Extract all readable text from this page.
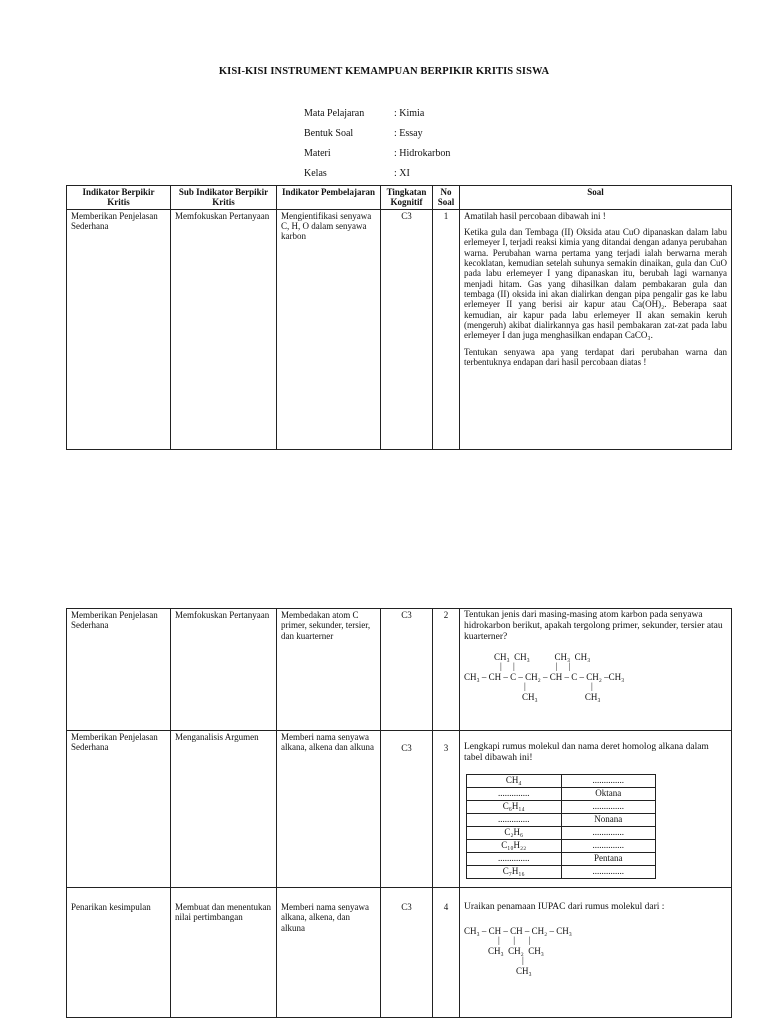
KISI-KISI INSTRUMENT KEMAMPUAN BERPIKIR KRITIS SISWA
Mata Pelajaran	: Kimia
Bentuk Soal	: Essay
Materi	: Hidrokarbon
Kelas	: XI
Indikator Berpikir Kritis	Sub Indikator Berpikir Kritis	Indikator Pembelajaran	Tingkatan Kognitif	No Soal	Soal
Memberikan Penjelasan Sederhana	Memfokuskan Pertanyaan	Mengientifikasi senyawa C, H, O dalam senyawa karbon	C3	1	Amatilah hasil percobaan dibawah ini !

Ketika gula dan Tembaga (II) Oksida atau CuO dipanaskan dalam labu erlemeyer I, terjadi reaksi kimia yang ditandai dengan adanya perubahan warna. Perubahan warna pertama yang terjadi ialah berwarna merah kecoklatan, kemudian setelah suhunya semakin dinaikan, gula dan CuO pada labu erlemeyer I yang dipanaskan itu, berubah lagi warnanya menjadi hitam. Gas yang dihasilkan dalam pembakaran gula dan tembaga (II) oksida ini akan dialirkan dengan pipa pengalir gas ke labu erlemeyer II yang berisi air kapur atau Ca(OH)₂. Beberapa saat kemudian, air kapur pada labu erlemeyer II akan semakin keruh (mengeruh) akibat dialirkannya gas hasil pembakaran zat-zat pada labu erlemeyer I dan juga menghasilkan endapan CaCO₃.

Tentukan senyawa apa yang terdapat dari perubahan warna dan terbentuknya endapan dari hasil percobaan diatas !

Memberikan Penjelasan Sederhana	Memfokuskan Pertanyaan	Membedakan atom C primer, sekunder, tersier, dan kuarterner	C3	2	Tentukan jenis dari masing-masing atom karbon pada senyawa hidrokarbon berikut, apakah tergolong primer, sekunder, tersier atau kuarterner?

CH₃  CH₃           CH₃  CH₃
|     |                  |     |
CH₃ – CH – C – CH₂ – CH – C – CH₂ –CH₃
|                             |
CH₃                     CH₃

Memberikan Penjelasan Sederhana	Menganalisis Argumen	Memberi nama senyawa alkana, alkena dan alkuna	C3	3	Lengkapi rumus molekul dan nama deret homolog alkana dalam tabel dibawah ini!

CH₄	..............
..............	Oktana
C₆H₁₄	..............
..............	Nonana
C₂H₆	..............
C₁₀H₂₂	..............
..............	Pentana
C₇H₁₆	..............

Penarikan kesimpulan	Membuat dan menentukan nilai pertimbangan	Memberi nama senyawa alkana, alkena, dan alkuna	C3	4	Uraikan penamaan IUPAC dari rumus molekul dari :

CH₃ – CH – CH – CH₂ – CH₃
|      |      |
CH₃  CH₂  CH₃
|
CH₃
